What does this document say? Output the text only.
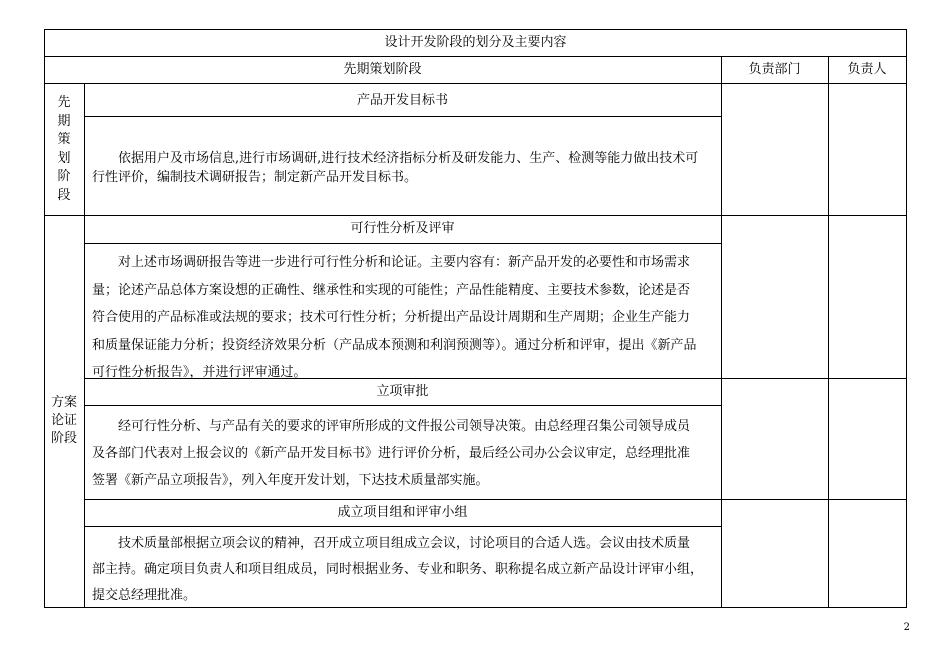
设计开发阶段的划分及主要内容
先期策划阶段	负责部门	负责人
先
期
策
划
阶
段
方案
论证
阶段
产品开发目标书
依据用户及市场信息,进行市场调研,进行技术经济指标分析及研发能力、生产、检测等能力做出技术可
行性评价，编制技术调研报告；制定新产品开发目标书。
可行性分析及评审
对上述市场调研报告等进一步进行可行性分析和论证。主要内容有：新产品开发的必要性和市场需求
量；论述产品总体方案设想的正确性、继承性和实现的可能性；产品性能精度、主要技术参数，论述是否
符合使用的产品标准或法规的要求；技术可行性分析；分析提出产品设计周期和生产周期；企业生产能力
和质量保证能力分析；投资经济效果分析（产品成本预测和利润预测等）。通过分析和评审，提出《新产品
可行性分析报告》，并进行评审通过。
立项审批
经可行性分析、与产品有关的要求的评审所形成的文件报公司领导决策。由总经理召集公司领导成员
及各部门代表对上报会议的《新产品开发目标书》进行评价分析，最后经公司办公会议审定，总经理批准
签署《新产品立项报告》，列入年度开发计划，下达技术质量部实施。
成立项目组和评审小组
技术质量部根据立项会议的精神，召开成立项目组成立会议，讨论项目的合适人选。会议由技术质量
部主持。确定项目负责人和项目组成员，同时根据业务、专业和职务、职称提名成立新产品设计评审小组，
提交总经理批准。
2
